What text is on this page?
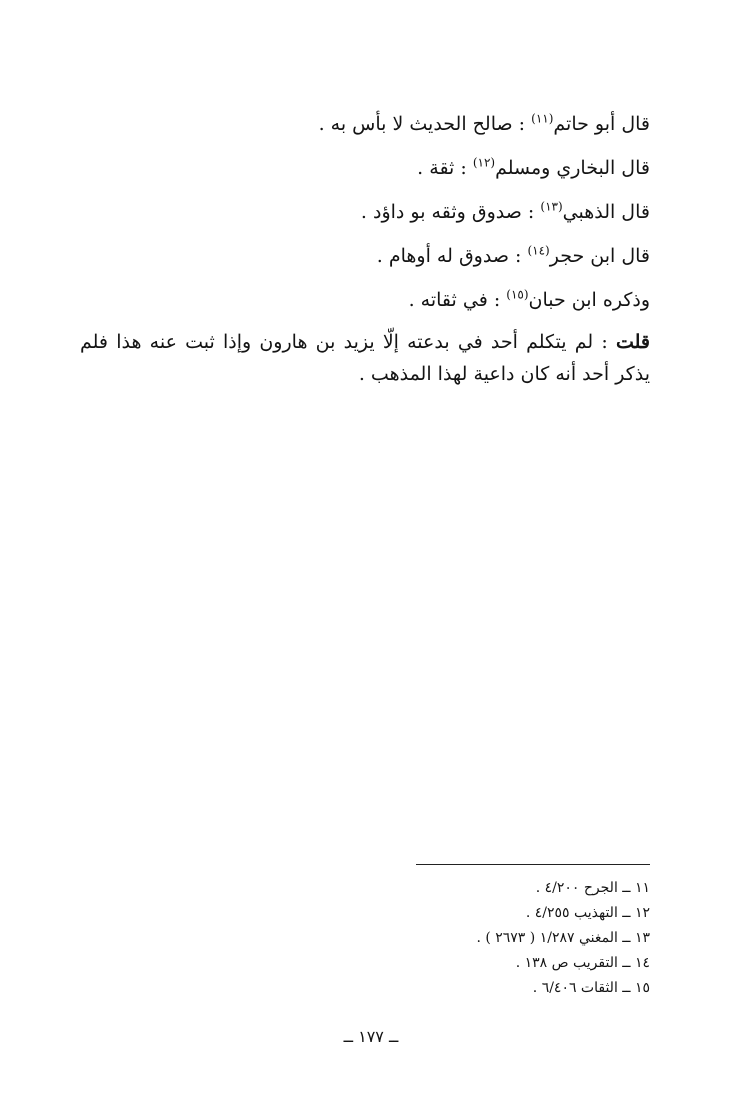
قال أبو حاتم$^{(١١)}$ : صالح الحديث لا بأس به .
قال البخاري ومسلم$^{(١٢)}$ : ثقة .
قال الذهبي$^{(١٣)}$ : صدوق وثقه بو داؤد .
قال ابن حجر$^{(١٤)}$ : صدوق له أوهام .
وذكره ابن حبان$^{(١٥)}$ : في ثقاته .
قلت : لم يتكلم أحد في بدعته إلّا يزيد بن هارون وإذا ثبت عنه هذا فلم يذكر أحد أنه كان داعية لهذا المذهب .
١١ ــ الجرح ٤/٢٠٠ .
١٢ ــ التهذيب ٤/٢٥٥ .
١٣ ــ المغني ١/٢٨٧ ( ٢٦٧٣ ) .
١٤ ــ التقريب ص ١٣٨ .
١٥ ــ الثقات ٦/٤٠٦ .
ــ ١٧٧ ــ
